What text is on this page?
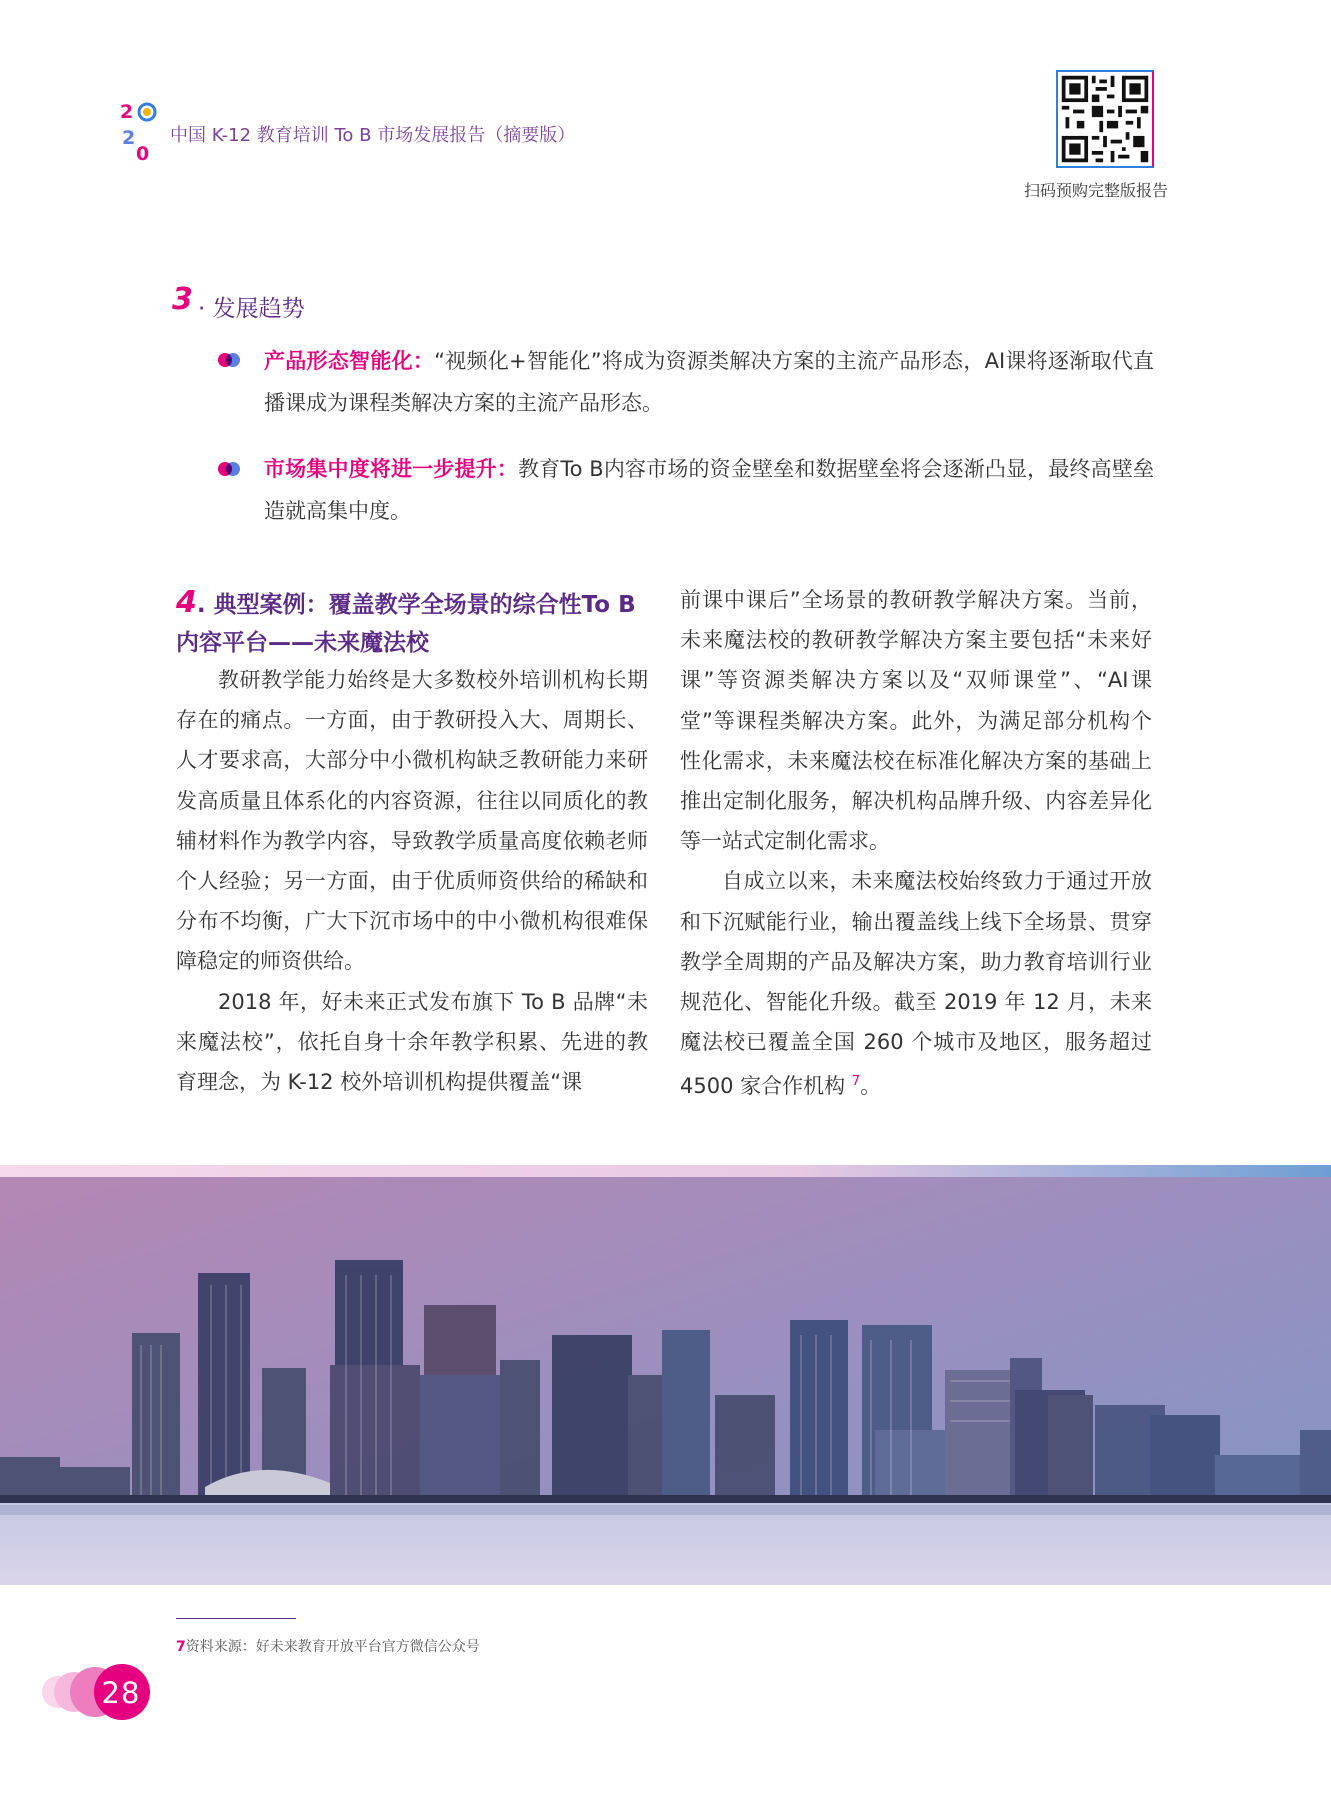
2
2
0
中国 K-12 教育培训 To B 市场发展报告（摘要版）
扫码预购完整版报告
3 · 发展趋势
产品形态智能化：“视频化+智能化”将成为资源类解决方案的主流产品形态，AI课将逐渐取代直播课成为课程类解决方案的主流产品形态。
市场集中度将进一步提升：教育To B内容市场的资金壁垒和数据壁垒将会逐渐凸显，最终高壁垒造就高集中度。
4. 典型案例：覆盖教学全场景的综合性To B内容平台——未来魔法校

教研教学能力始终是大多数校外培训机构长期存在的痛点。一方面，由于教研投入大、周期长、人才要求高，大部分中小微机构缺乏教研能力来研发高质量且体系化的内容资源，往往以同质化的教辅材料作为教学内容，导致教学质量高度依赖老师个人经验；另一方面，由于优质师资供给的稀缺和分布不均衡，广大下沉市场中的中小微机构很难保障稳定的师资供给。

2018 年，好未来正式发布旗下 To B 品牌“未来魔法校”，依托自身十余年教学积累、先进的教育理念，为 K-12 校外培训机构提供覆盖“课

前课中课后”全场景的教研教学解决方案。当前，未来魔法校的教研教学解决方案主要包括“未来好课”等资源类解决方案以及“双师课堂”、“AI课堂”等课程类解决方案。此外，为满足部分机构个性化需求，未来魔法校在标准化解决方案的基础上推出定制化服务，解决机构品牌升级、内容差异化等一站式定制化需求。

自成立以来，未来魔法校始终致力于通过开放和下沉赋能行业，输出覆盖线上线下全场景、贯穿教学全周期的产品及解决方案，助力教育培训行业规范化、智能化升级。截至 2019 年 12 月，未来魔法校已覆盖全国 260 个城市及地区，服务超过 4500 家合作机构 $^7$。

7资料来源：好未来教育开放平台官方微信公众号
28
